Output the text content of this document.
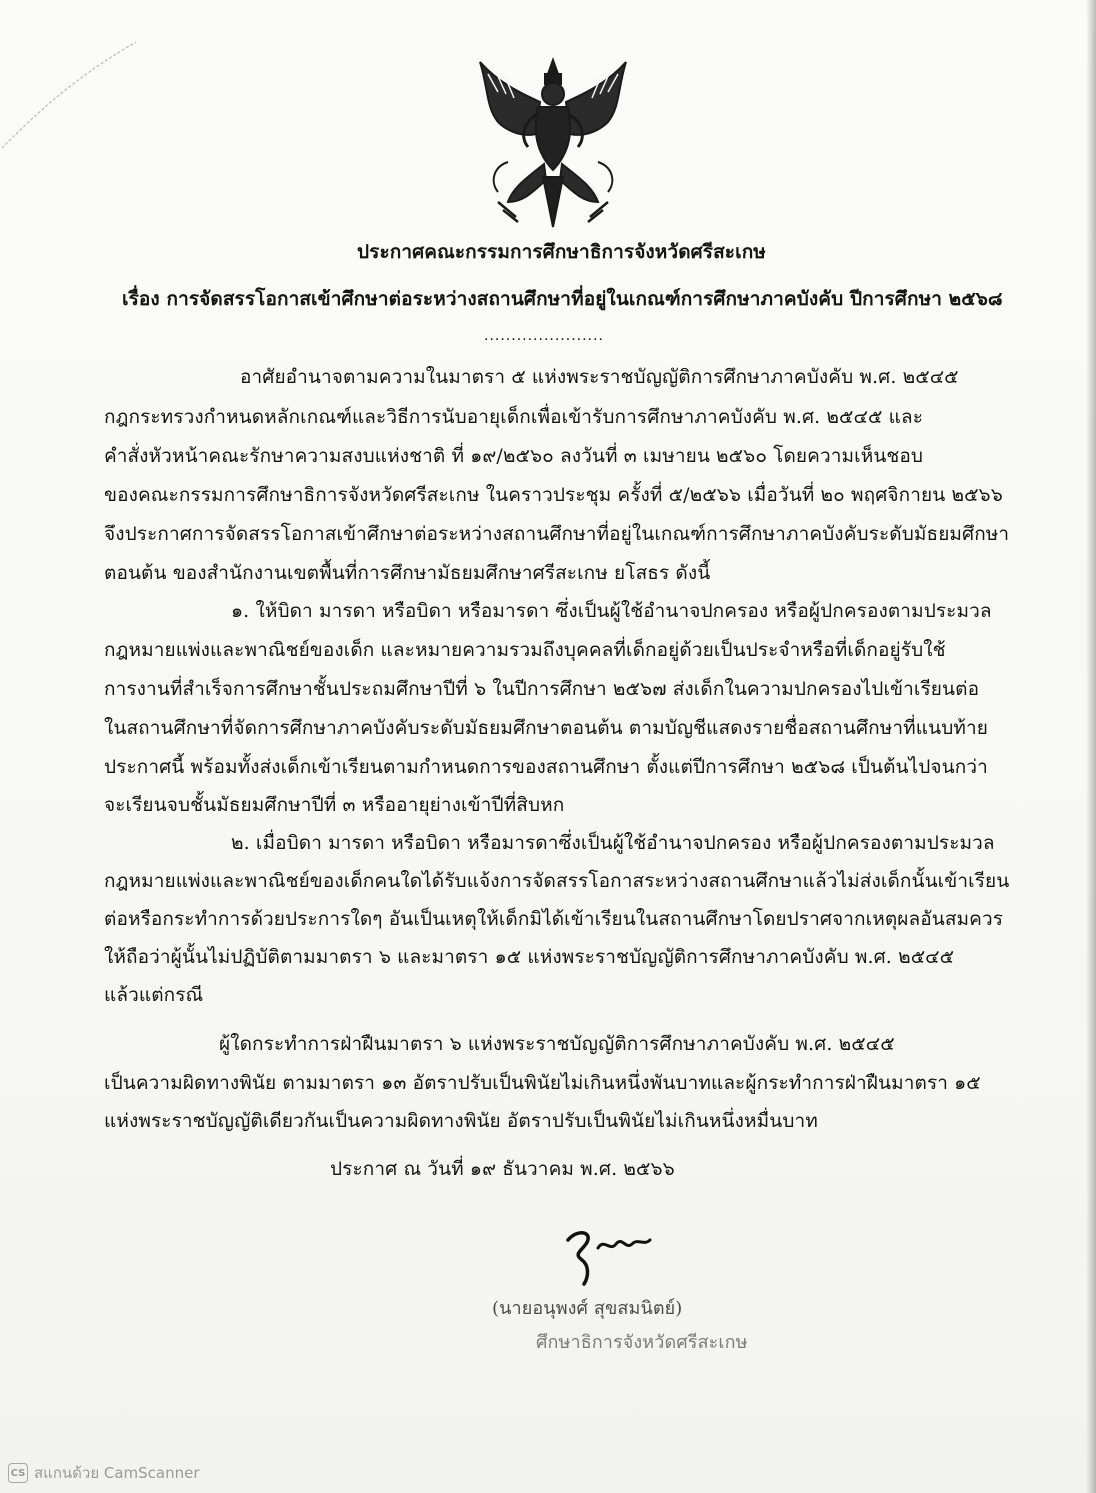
ประกาศคณะกรรมการศึกษาธิการจังหวัดศรีสะเกษ
เรื่อง การจัดสรรโอกาสเข้าศึกษาต่อระหว่างสถานศึกษาที่อยู่ในเกณฑ์การศึกษาภาคบังคับ ปีการศึกษา ๒๕๖๘
......................
อาศัยอำนาจตามความในมาตรา ๕ แห่งพระราชบัญญัติการศึกษาภาคบังคับ พ.ศ. ๒๕๔๕
กฎกระทรวงกำหนดหลักเกณฑ์และวิธีการนับอายุเด็กเพื่อเข้ารับการศึกษาภาคบังคับ พ.ศ. ๒๕๔๕ และ
คำสั่งหัวหน้าคณะรักษาความสงบแห่งชาติ ที่ ๑๙/๒๕๖๐ ลงวันที่ ๓ เมษายน ๒๕๖๐ โดยความเห็นชอบ
ของคณะกรรมการศึกษาธิการจังหวัดศรีสะเกษ ในคราวประชุม ครั้งที่ ๕/๒๕๖๖ เมื่อวันที่ ๒๐ พฤศจิกายน ๒๕๖๖
จึงประกาศการจัดสรรโอกาสเข้าศึกษาต่อระหว่างสถานศึกษาที่อยู่ในเกณฑ์การศึกษาภาคบังคับระดับมัธยมศึกษา
ตอนต้น ของสำนักงานเขตพื้นที่การศึกษามัธยมศึกษาศรีสะเกษ ยโสธร ดังนี้
๑. ให้บิดา มารดา หรือบิดา หรือมารดา ซึ่งเป็นผู้ใช้อำนาจปกครอง หรือผู้ปกครองตามประมวล
กฎหมายแพ่งและพาณิชย์ของเด็ก และหมายความรวมถึงบุคคลที่เด็กอยู่ด้วยเป็นประจำหรือที่เด็กอยู่รับใช้
การงานที่สำเร็จการศึกษาชั้นประถมศึกษาปีที่ ๖ ในปีการศึกษา ๒๕๖๗ ส่งเด็กในความปกครองไปเข้าเรียนต่อ
ในสถานศึกษาที่จัดการศึกษาภาคบังคับระดับมัธยมศึกษาตอนต้น ตามบัญชีแสดงรายชื่อสถานศึกษาที่แนบท้าย
ประกาศนี้ พร้อมทั้งส่งเด็กเข้าเรียนตามกำหนดการของสถานศึกษา ตั้งแต่ปีการศึกษา ๒๕๖๘ เป็นต้นไปจนกว่า
จะเรียนจบชั้นมัธยมศึกษาปีที่ ๓ หรืออายุย่างเข้าปีที่สิบหก
๒. เมื่อบิดา มารดา หรือบิดา หรือมารดาซึ่งเป็นผู้ใช้อำนาจปกครอง หรือผู้ปกครองตามประมวล
กฎหมายแพ่งและพาณิชย์ของเด็กคนใดได้รับแจ้งการจัดสรรโอกาสระหว่างสถานศึกษาแล้วไม่ส่งเด็กนั้นเข้าเรียน
ต่อหรือกระทำการด้วยประการใดๆ อันเป็นเหตุให้เด็กมิได้เข้าเรียนในสถานศึกษาโดยปราศจากเหตุผลอันสมควร
ให้ถือว่าผู้นั้นไม่ปฏิบัติตามมาตรา ๖ และมาตรา ๑๕ แห่งพระราชบัญญัติการศึกษาภาคบังคับ พ.ศ. ๒๕๔๕
แล้วแต่กรณี
ผู้ใดกระทำการฝ่าฝืนมาตรา ๖ แห่งพระราชบัญญัติการศึกษาภาคบังคับ พ.ศ. ๒๕๔๕
เป็นความผิดทางพินัย ตามมาตรา ๑๓ อัตราปรับเป็นพินัยไม่เกินหนึ่งพันบาทและผู้กระทำการฝ่าฝืนมาตรา ๑๕
แห่งพระราชบัญญัติเดียวกันเป็นความผิดทางพินัย อัตราปรับเป็นพินัยไม่เกินหนึ่งหมื่นบาท
ประกาศ ณ วันที่ ๑๙ ธันวาคม พ.ศ. ๒๕๖๖
(นายอนุพงศ์ สุขสมนิตย์)
ศึกษาธิการจังหวัดศรีสะเกษ
CS สแกนด้วย CamScanner
